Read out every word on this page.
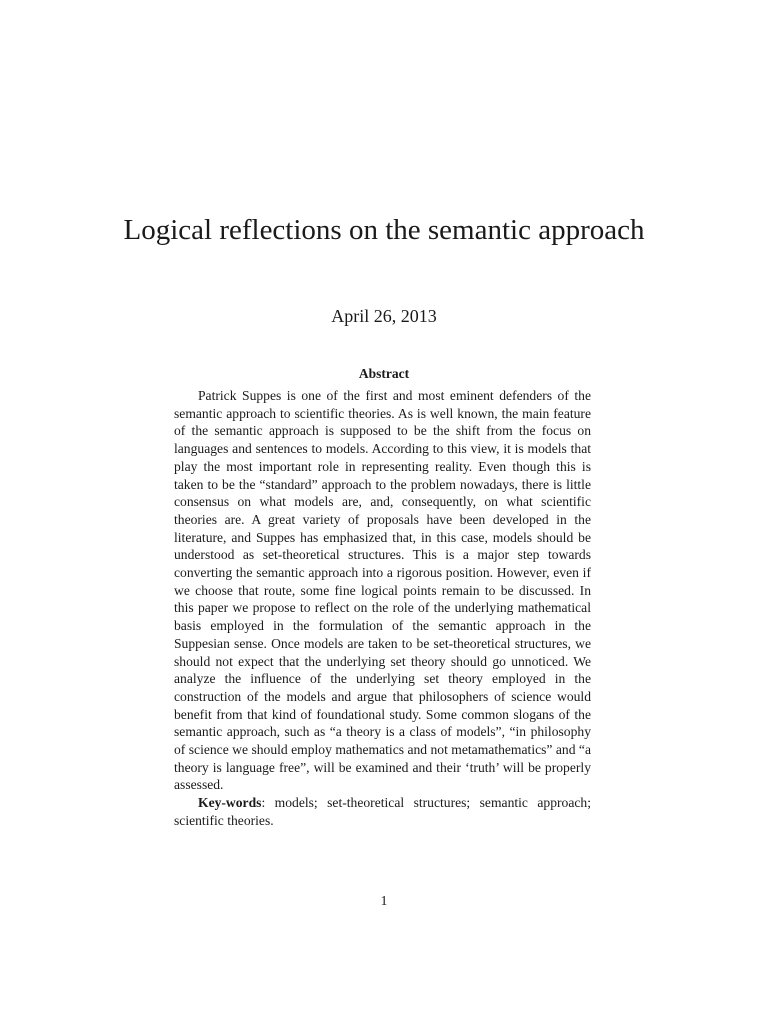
Logical reflections on the semantic approach
April 26, 2013
Abstract

Patrick Suppes is one of the first and most eminent defenders of the semantic approach to scientific theories. As is well known, the main feature of the semantic approach is supposed to be the shift from the focus on languages and sentences to models. According to this view, it is models that play the most important role in representing reality. Even though this is taken to be the “standard” approach to the problem nowadays, there is little consensus on what models are, and, consequently, on what scientific theories are. A great variety of proposals have been developed in the literature, and Suppes has emphasized that, in this case, models should be understood as set-theoretical structures. This is a major step towards converting the semantic approach into a rigorous position. However, even if we choose that route, some fine logical points remain to be discussed. In this paper we propose to reflect on the role of the underlying mathematical basis employed in the formulation of the semantic approach in the Suppesian sense. Once models are taken to be set-theoretical structures, we should not expect that the underlying set theory should go unnoticed. We analyze the influence of the underlying set theory employed in the construction of the models and argue that philosophers of science would benefit from that kind of foundational study. Some common slogans of the semantic approach, such as “a theory is a class of models”, “in philosophy of science we should employ mathematics and not metamathematics” and “a theory is language free”, will be examined and their ‘truth’ will be properly assessed.

Key-words: models; set-theoretical structures; semantic approach; scientific theories.

1
